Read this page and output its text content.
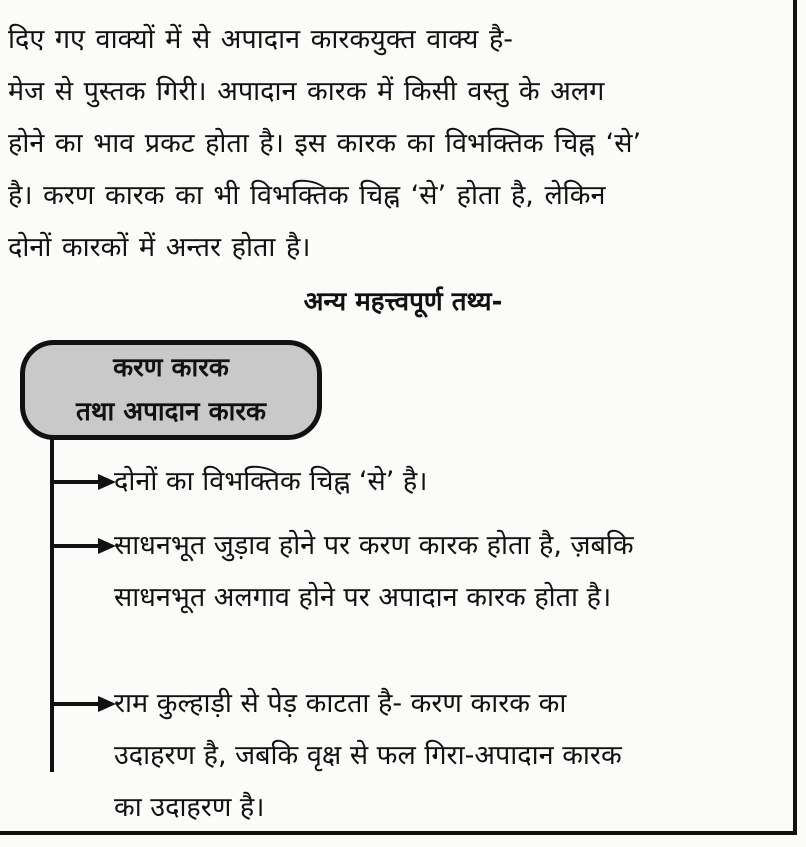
दिए गए वाक्यों में से अपादान कारकयुक्त वाक्य है-

मेज से पुस्तक गिरी। अपादान कारक में किसी वस्तु के अलग

होने का भाव प्रकट होता है। इस कारक का विभक्तिक चिह्न ‘से’

है। करण कारक का भी विभक्तिक चिह्न ‘से’ होता है, लेकिन

दोनों कारकों में अन्तर होता है।

अन्य महत्त्वपूर्ण तथ्य-
करण कारक
तथा अपादान कारक

दोनों का विभक्तिक चिह्न ‘से’ है।

साधनभूत जुड़ाव होने पर करण कारक होता है, ज़बकि

साधनभूत अलगाव होने पर अपादान कारक होता है।

राम कुल्हाड़ी से पेड़ काटता है- करण कारक का

उदाहरण है, जबकि वृक्ष से फल गिरा-अपादान कारक

का उदाहरण है।
